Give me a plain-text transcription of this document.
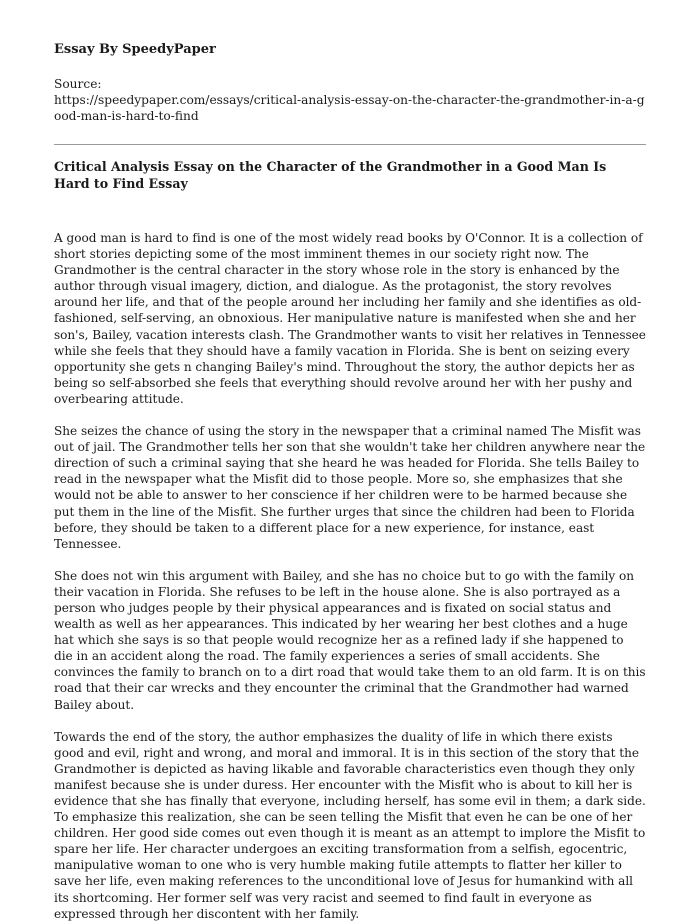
Essay By SpeedyPaper

Source:

https://speedypaper.com/essays/critical-analysis-essay-on-the-character-the-grandmother-in-a-good-man-is-hard-to-find

Critical Analysis Essay on the Character of the Grandmother in a Good Man Is Hard to Find Essay

A good man is hard to find is one of the most widely read books by O'Connor. It is a collection of short stories depicting some of the most imminent themes in our society right now. The Grandmother is the central character in the story whose role in the story is enhanced by the author through visual imagery, diction, and dialogue. As the protagonist, the story revolves around her life, and that of the people around her including her family and she identifies as old-fashioned, self-serving, an obnoxious. Her manipulative nature is manifested when she and her son's, Bailey, vacation interests clash. The Grandmother wants to visit her relatives in Tennessee while she feels that they should have a family vacation in Florida. She is bent on seizing every opportunity she gets n changing Bailey's mind. Throughout the story, the author depicts her as being so self-absorbed she feels that everything should revolve around her with her pushy and overbearing attitude.

She seizes the chance of using the story in the newspaper that a criminal named The Misfit was out of jail. The Grandmother tells her son that she wouldn't take her children anywhere near the direction of such a criminal saying that she heard he was headed for Florida. She tells Bailey to read in the newspaper what the Misfit did to those people. More so, she emphasizes that she would not be able to answer to her conscience if her children were to be harmed because she put them in the line of the Misfit. She further urges that since the children had been to Florida before, they should be taken to a different place for a new experience, for instance, east Tennessee.

She does not win this argument with Bailey, and she has no choice but to go with the family on their vacation in Florida. She refuses to be left in the house alone. She is also portrayed as a person who judges people by their physical appearances and is fixated on social status and wealth as well as her appearances. This indicated by her wearing her best clothes and a huge hat which she says is so that people would recognize her as a refined lady if she happened to die in an accident along the road. The family experiences a series of small accidents. She convinces the family to branch on to a dirt road that would take them to an old farm. It is on this road that their car wrecks and they encounter the criminal that the Grandmother had warned Bailey about.

Towards the end of the story, the author emphasizes the duality of life in which there exists good and evil, right and wrong, and moral and immoral. It is in this section of the story that the Grandmother is depicted as having likable and favorable characteristics even though they only manifest because she is under duress. Her encounter with the Misfit who is about to kill her is evidence that she has finally that everyone, including herself, has some evil in them; a dark side. To emphasize this realization, she can be seen telling the Misfit that even he can be one of her children. Her good side comes out even though it is meant as an attempt to implore the Misfit to spare her life. Her character undergoes an exciting transformation from a selfish, egocentric, manipulative woman to one who is very humble making futile attempts to flatter her killer to save her life, even making references to the unconditional love of Jesus for humankind with all its shortcoming. Her former self was very racist and seemed to find fault in everyone as expressed through her discontent with her family.
